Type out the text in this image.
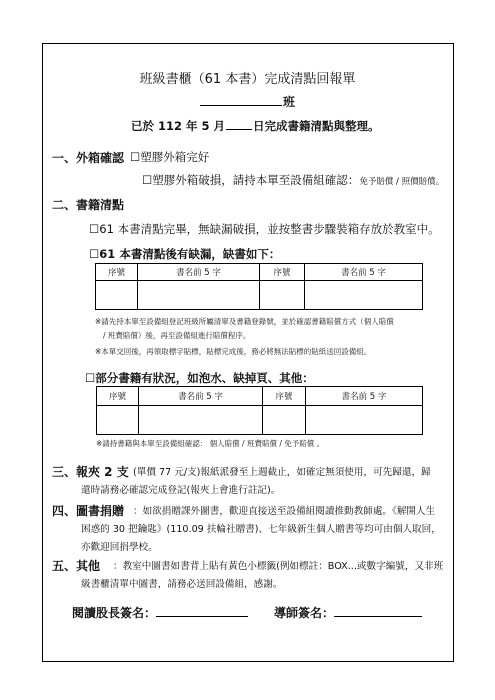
班級書櫃（61 本書）完成清點回報單
班
已於 112 年 5 月 日完成書籍清點與整理。
一、外箱確認 ☐塑膠外箱完好
☐塑膠外箱破損，請持本單至設備組確認：免予賠償 / 照價賠償。
二、書籍清點
☐61 本書清點完畢，無缺漏破損，並按整書步驟裝箱存放於教室中。
☐61 本書清點後有缺漏，缺書如下：
序號	書名前 5 字	序號	書名前 5 字

※請先持本單至設備組登記班級所屬清單及書籍登錄號，並於確認書籍賠償方式（個人賠償
/ 班費賠償）後，再至設備組進行賠償程序。
※本單交回後，再領取標字貼標，貼標完成後，務必將無法貼標的貼紙送回設備組。
☐部分書籍有狀況，如泡水、缺掉頁、其他：
序號	書名前 5 字	序號	書名前 5 字

※請持書籍與本單至設備組確認： 個人賠償 / 班費賠償 / 免予賠償 。
三、報夾 2 支 (單價 77 元/支)報紙派發至上週截止，如確定無須使用，可先歸還，歸
還時請務必確認完成登記(報夾上會進行註記)。
四、圖書捐贈 ：如欲捐贈課外圖書，歡迎直接送至設備組閱讀推動教師處。《解開人生
困惑的 30 把鑰匙》(110.09 扶輪社贈書)、七年級新生個人贈書等均可由個人取回，
亦歡迎回捐學校。
五、其他 ：教室中圖書如書背上貼有黃色小標籤(例如標註：BOX...或數字編號，又非班
級書櫃清單中圖書，請務必送回設備組，感謝。
閱讀股長簽名：	導師簽名：
